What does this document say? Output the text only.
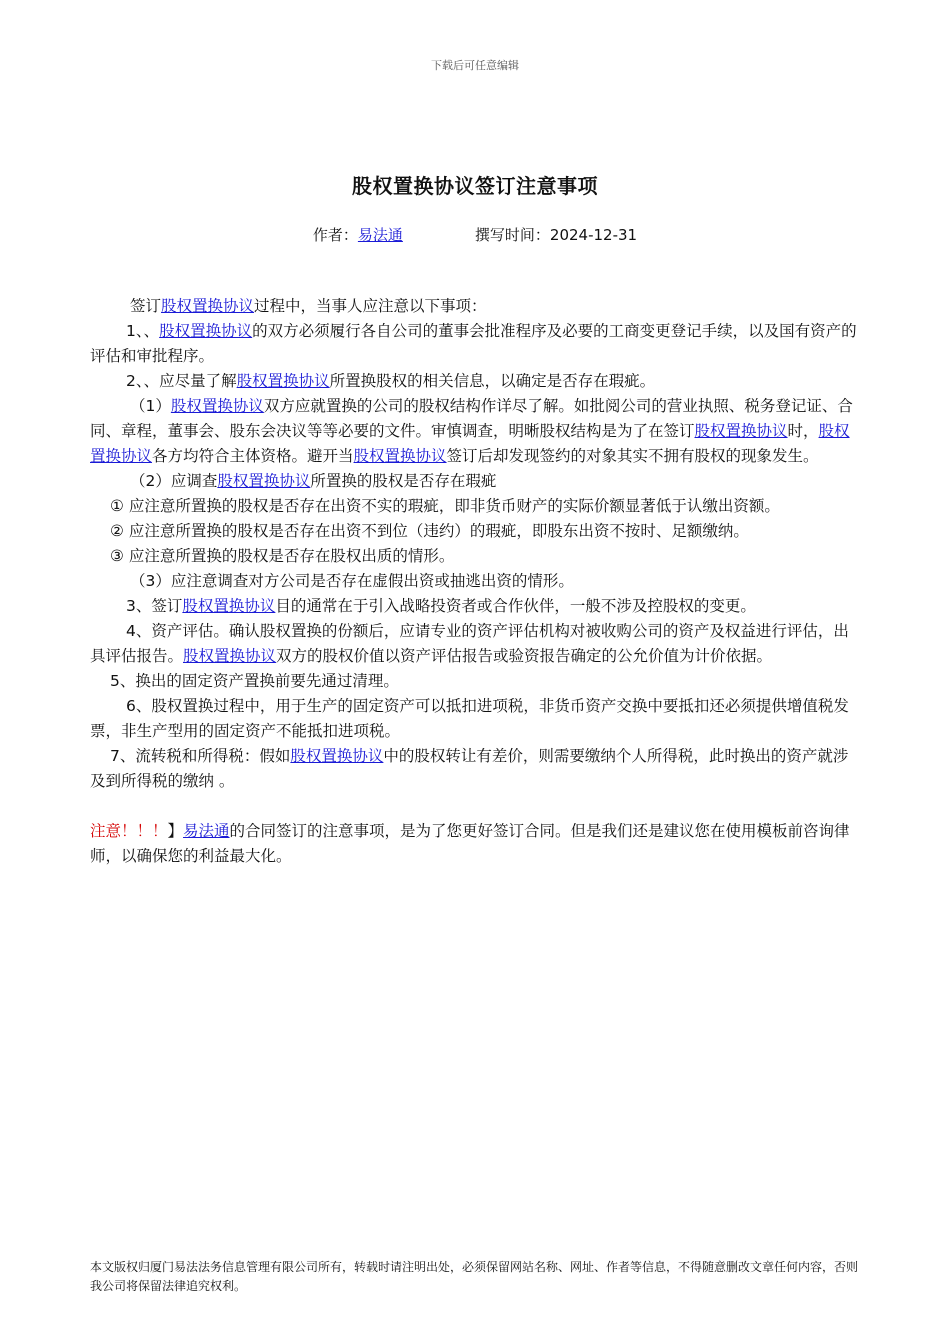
下载后可任意编辑
股权置换协议签订注意事项
作者：易法通	撰写时间：2024-12-31

签订股权置换协议过程中，当事人应注意以下事项：

1、、股权置换协议的双方必须履行各自公司的董事会批准程序及必要的工商变更登记手续，以及国有资产的评估和审批程序。

2、、应尽量了解股权置换协议所置换股权的相关信息，以确定是否存在瑕疵。

（1）股权置换协议双方应就置换的公司的股权结构作详尽了解。如批阅公司的营业执照、税务登记证、合同、章程，董事会、股东会决议等等必要的文件。审慎调查，明晰股权结构是为了在签订股权置换协议时，股权置换协议各方均符合主体资格。避开当股权置换协议签订后却发现签约的对象其实不拥有股权的现象发生。

（2）应调查股权置换协议所置换的股权是否存在瑕疵

① 应注意所置换的股权是否存在出资不实的瑕疵，即非货币财产的实际价额显著低于认缴出资额。

② 应注意所置换的股权是否存在出资不到位（违约）的瑕疵，即股东出资不按时、足额缴纳。

③ 应注意所置换的股权是否存在股权出质的情形。

（3）应注意调查对方公司是否存在虚假出资或抽逃出资的情形。

3、签订股权置换协议目的通常在于引入战略投资者或合作伙伴，一般不涉及控股权的变更。

4、资产评估。确认股权置换的份额后，应请专业的资产评估机构对被收购公司的资产及权益进行评估，出具评估报告。股权置换协议双方的股权价值以资产评估报告或验资报告确定的公允价值为计价依据。

5、换出的固定资产置换前要先通过清理。

6、股权置换过程中，用于生产的固定资产可以抵扣进项税，非货币资产交换中要抵扣还必须提供增值税发票，非生产型用的固定资产不能抵扣进项税。

7、流转税和所得税：假如股权置换协议中的股权转让有差价，则需要缴纳个人所得税，此时换出的资产就涉及到所得税的缴纳 。

注意！！！】易法通的合同签订的注意事项，是为了您更好签订合同。但是我们还是建议您在使用模板前咨询律师，以确保您的利益最大化。

本文版权归厦门易法法务信息管理有限公司所有，转载时请注明出处，必须保留网站名称、网址、作者等信息，不得随意删改文章任何内容，否则我公司将保留法律追究权利。
